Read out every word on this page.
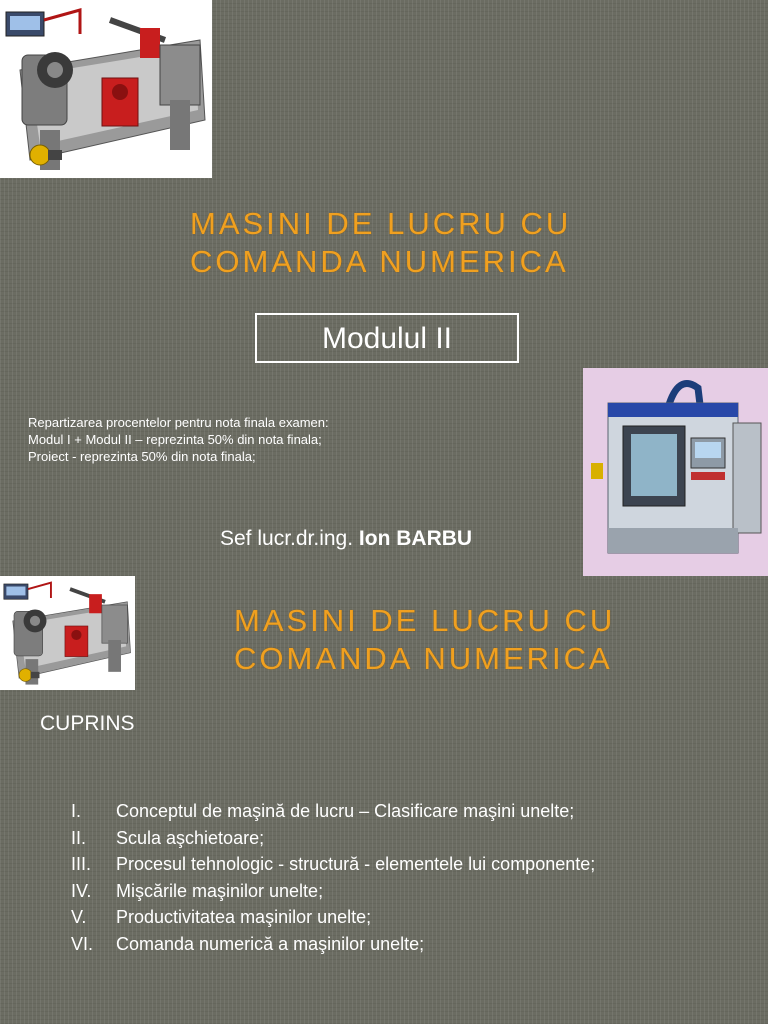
MASINI DE LUCRU CU
COMANDA NUMERICA
Modulul II
Repartizarea procentelor pentru nota finala examen:
Modul I + Modul II – reprezinta 50% din nota finala;
Proiect - reprezinta 50% din nota finala;
Sef lucr.dr.ing. Ion BARBU
MASINI DE LUCRU CU
COMANDA NUMERICA
CUPRINS
I. Conceptul de maşină de lucru – Clasificare maşini unelte;
II. Scula aşchietoare;
III. Procesul tehnologic - structură - elementele lui componente;
IV. Mişcările maşinilor unelte;
V. Productivitatea maşinilor unelte;
VI. Comanda numerică a maşinilor unelte;
